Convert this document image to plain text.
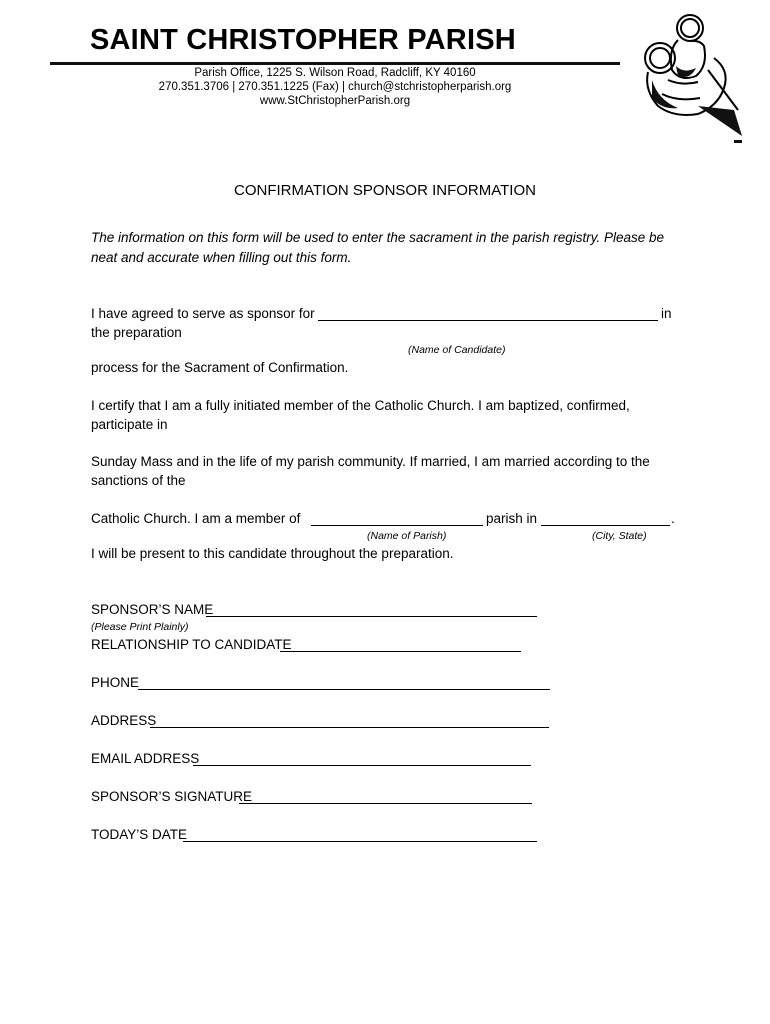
SAINT CHRISTOPHER PARISH
Parish Office, 1225 S. Wilson Road, Radcliff, KY 40160
270.351.3706 | 270.351.1225 (Fax) | church@stchristopherparish.org
www.StChristopherParish.org
CONFIRMATION SPONSOR INFORMATION
The information on this form will be used to enter the sacrament in the parish registry. Please be
neat and accurate when filling out this form.
I have agreed to serve as sponsor for	in
the preparation
(Name of Candidate)
process for the Sacrament of Confirmation.
I certify that I am a fully initiated member of the Catholic Church. I am baptized, confirmed,
participate in
Sunday Mass and in the life of my parish community. If married, I am married according to the
sanctions of the
Catholic Church. I am a member of	parish in	.
(Name of Parish)	(City, State)
I will be present to this candidate throughout the preparation.
SPONSOR’S NAME
(Please Print Plainly)
RELATIONSHIP TO CANDIDATE
PHONE
ADDRESS
EMAIL ADDRESS
SPONSOR’S SIGNATURE
TODAY’S DATE
